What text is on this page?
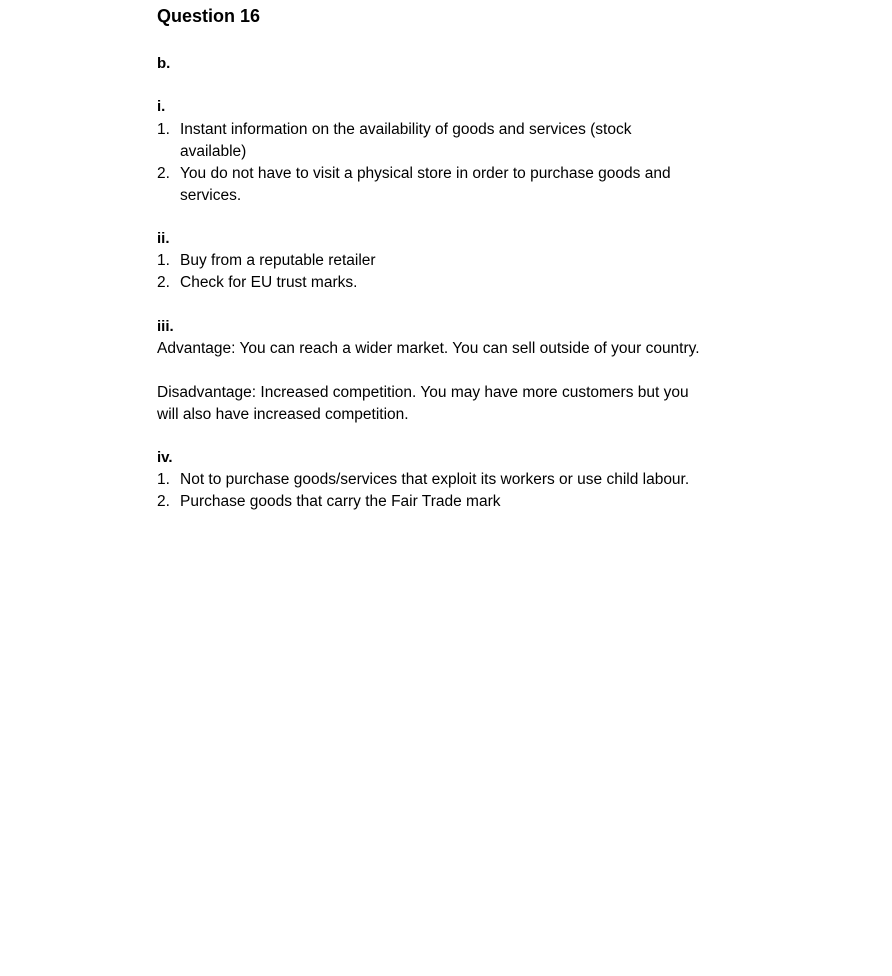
Question 16
b.
i.
1. Instant information on the availability of goods and services (stock
available)
2. You do not have to visit a physical store in order to purchase goods and
services.
ii.
1. Buy from a reputable retailer
2. Check for EU trust marks.
iii.
Advantage: You can reach a wider market. You can sell outside of your country.
Disadvantage: Increased competition. You may have more customers but you
will also have increased competition.
iv.
1. Not to purchase goods/services that exploit its workers or use child labour.
2. Purchase goods that carry the Fair Trade mark
